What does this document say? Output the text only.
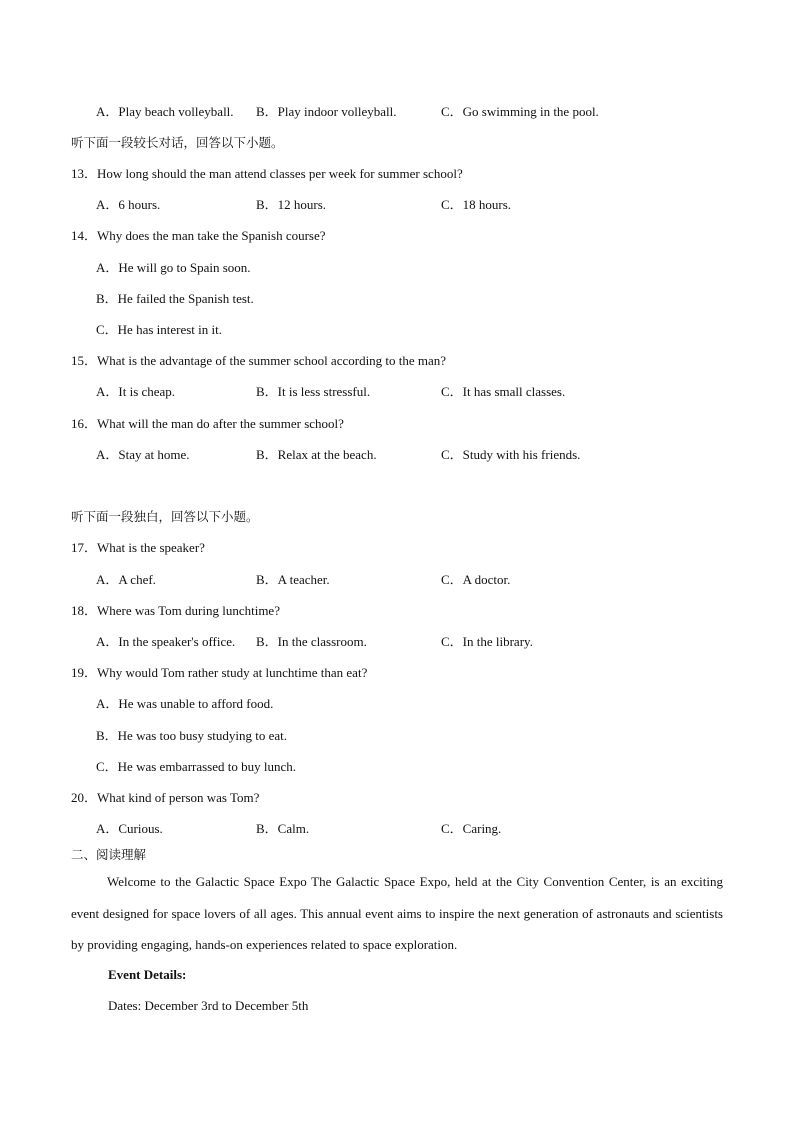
A．Play beach volleyball. B．Play indoor volleyball.	C．Go swimming in the pool.
听下面一段较长对话，回答以下小题。
13．How long should the man attend classes per week for summer school?
A．6 hours.	B．12 hours.	C．18 hours.
14．Why does the man take the Spanish course?
A．He will go to Spain soon.
B．He failed the Spanish test.
C．He has interest in it.
15．What is the advantage of the summer school according to the man?
A．It is cheap.	B．It is less stressful.	C．It has small classes.
16．What will the man do after the summer school?
A．Stay at home.	B．Relax at the beach.	C．Study with his friends.
听下面一段独白，回答以下小题。
17．What is the speaker?
A．A chef.	B．A teacher.	C．A doctor.
18．Where was Tom during lunchtime?
A．In the speaker's office. B．In the classroom.	C．In the library.
19．Why would Tom rather study at lunchtime than eat?
A．He was unable to afford food.
B．He was too busy studying to eat.
C．He was embarrassed to buy lunch.
20．What kind of person was Tom?
A．Curious.	B．Calm.	C．Caring.
二、阅读理解
Welcome to the Galactic Space Expo The Galactic Space Expo, held at the City Convention Center, is an exciting event designed for space lovers of all ages. This annual event aims to inspire the next generation of astronauts and scientists by providing engaging, hands-on experiences related to space exploration.
Event Details:
Dates: December 3rd to December 5th
